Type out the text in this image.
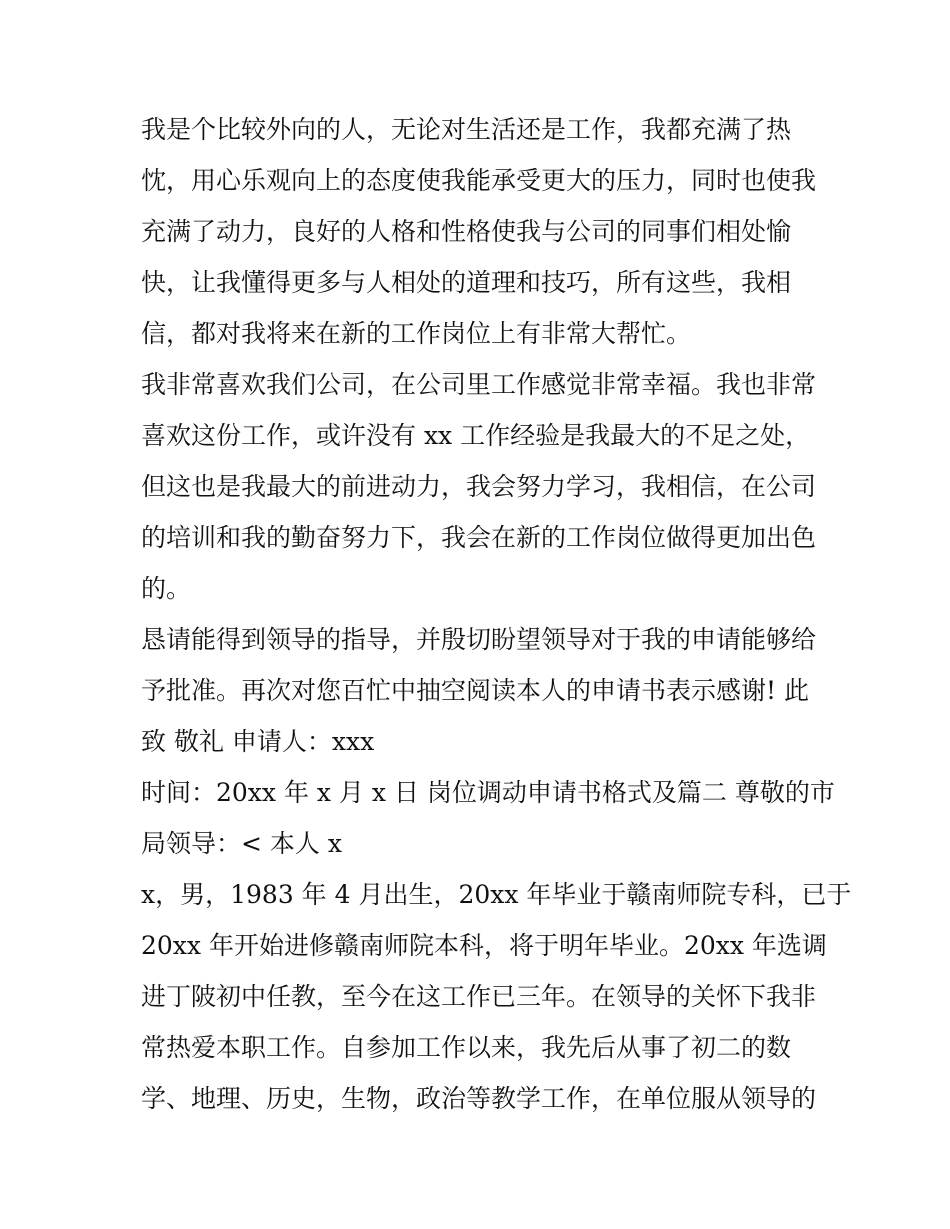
我是个比较外向的人，无论对生活还是工作，我都充满了热
忱，用心乐观向上的态度使我能承受更大的压力，同时也使我
充满了动力，良好的人格和性格使我与公司的同事们相处愉
快，让我懂得更多与人相处的道理和技巧，所有这些，我相
信，都对我将来在新的工作岗位上有非常大帮忙。
我非常喜欢我们公司，在公司里工作感觉非常幸福。我也非常
喜欢这份工作，或许没有 xx 工作经验是我最大的不足之处，
但这也是我最大的前进动力，我会努力学习，我相信，在公司
的培训和我的勤奋努力下，我会在新的工作岗位做得更加出色
的。
恳请能得到领导的指导，并殷切盼望领导对于我的申请能够给
予批准。再次对您百忙中抽空阅读本人的申请书表示感谢! 此
致 敬礼 申请人：xxx
时间：20xx 年 x 月 x 日 岗位调动申请书格式及篇二 尊敬的市
局领导：< 本人 x
x，男，1983 年 4 月出生，20xx 年毕业于赣南师院专科，已于
20xx 年开始进修赣南师院本科，将于明年毕业。20xx 年选调
进丁陂初中任教，至今在这工作已三年。在领导的关怀下我非
常热爱本职工作。自参加工作以来，我先后从事了初二的数
学、地理、历史，生物，政治等教学工作，在单位服从领导的
